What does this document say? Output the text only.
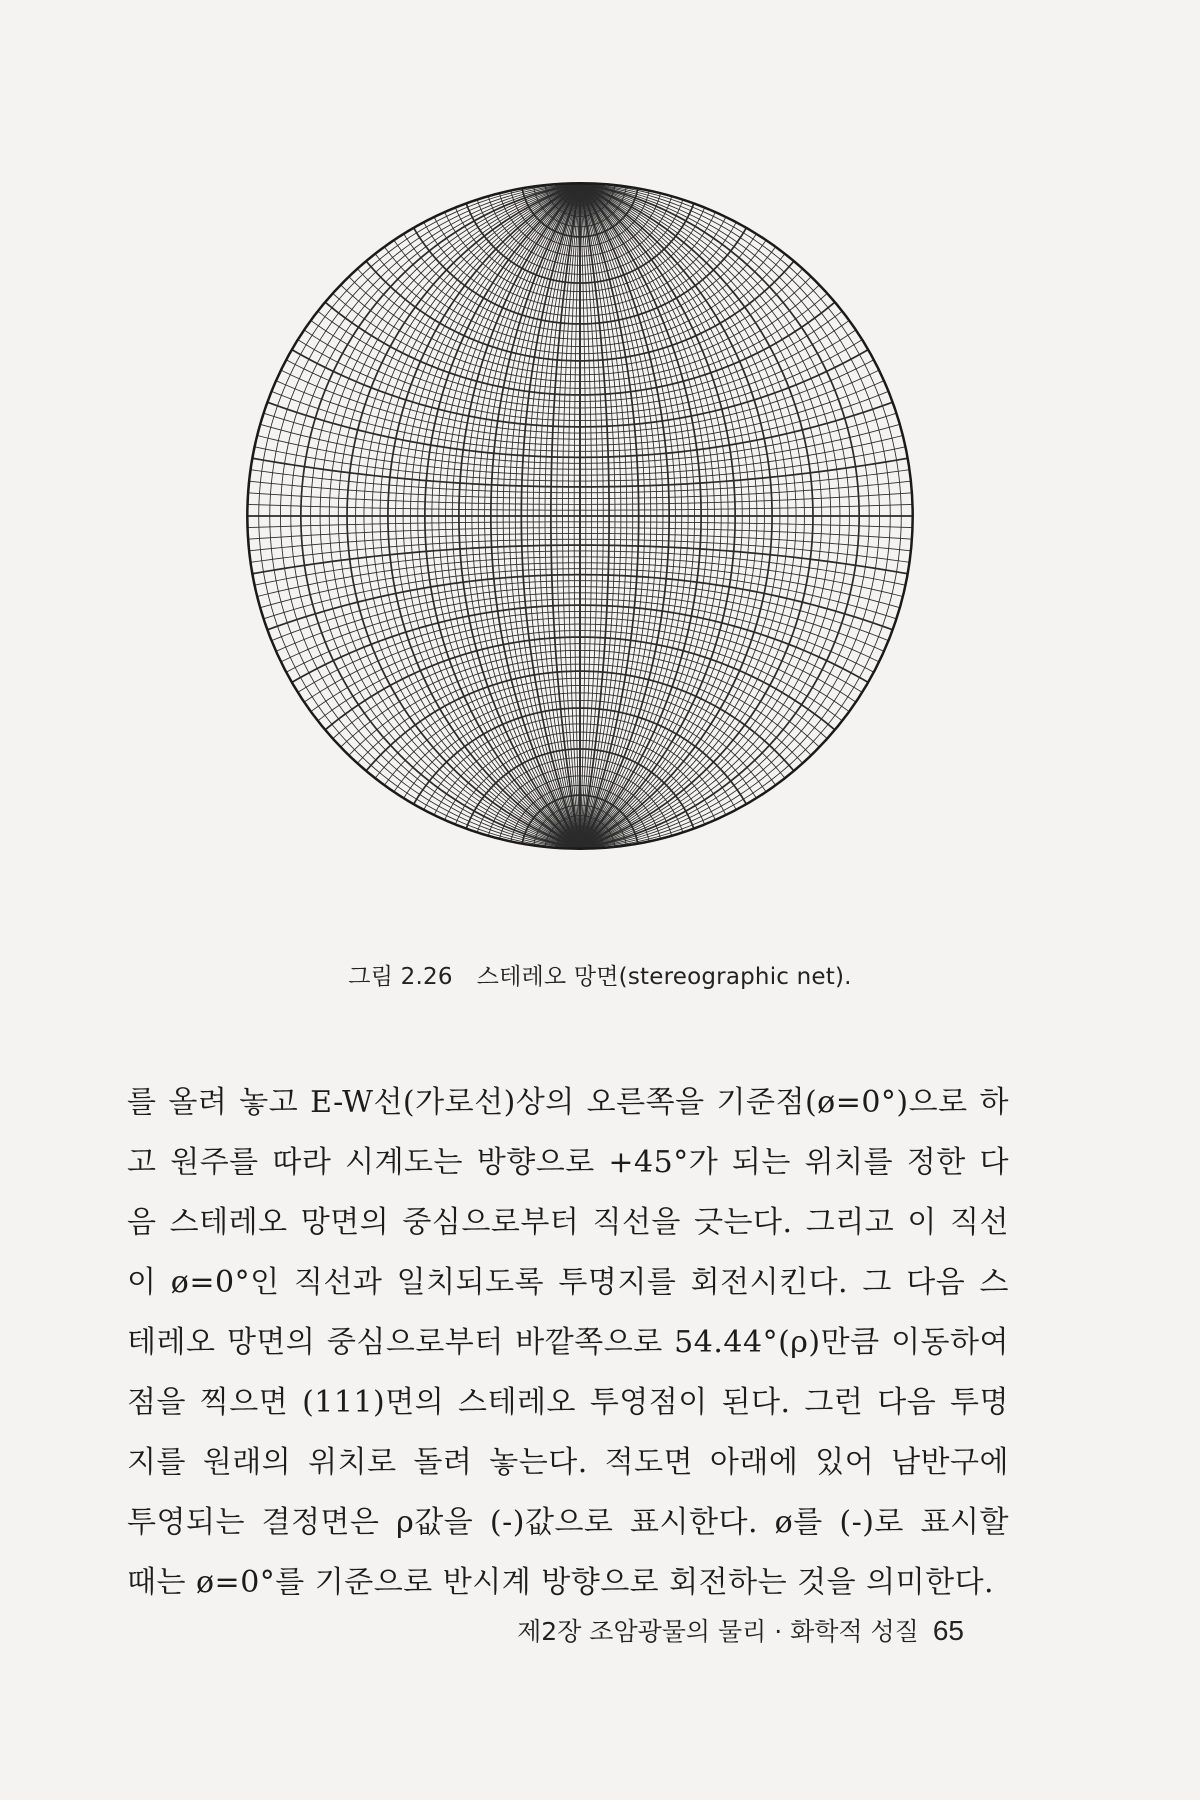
그림 2.26 스테레오 망면(stereographic net).
를 올려 놓고 E-W선(가로선)상의 오른쪽을 기준점(ø=0°)으로 하
고 원주를 따라 시계도는 방향으로 +45°가 되는 위치를 정한 다
음 스테레오 망면의 중심으로부터 직선을 긋는다. 그리고 이 직선
이 ø=0°인 직선과 일치되도록 투명지를 회전시킨다. 그 다음 스
테레오 망면의 중심으로부터 바깥쪽으로 54.44°(ρ)만큼 이동하여
점을 찍으면 (111)면의 스테레오 투영점이 된다. 그런 다음 투명
지를 원래의 위치로 돌려 놓는다. 적도면 아래에 있어 남반구에
투영되는 결정면은 ρ값을 (-)값으로 표시한다. ø를 (-)로 표시할
때는 ø=0°를 기준으로 반시계 방향으로 회전하는 것을 의미한다.
제2장 조암광물의 물리 · 화학적 성질 65
